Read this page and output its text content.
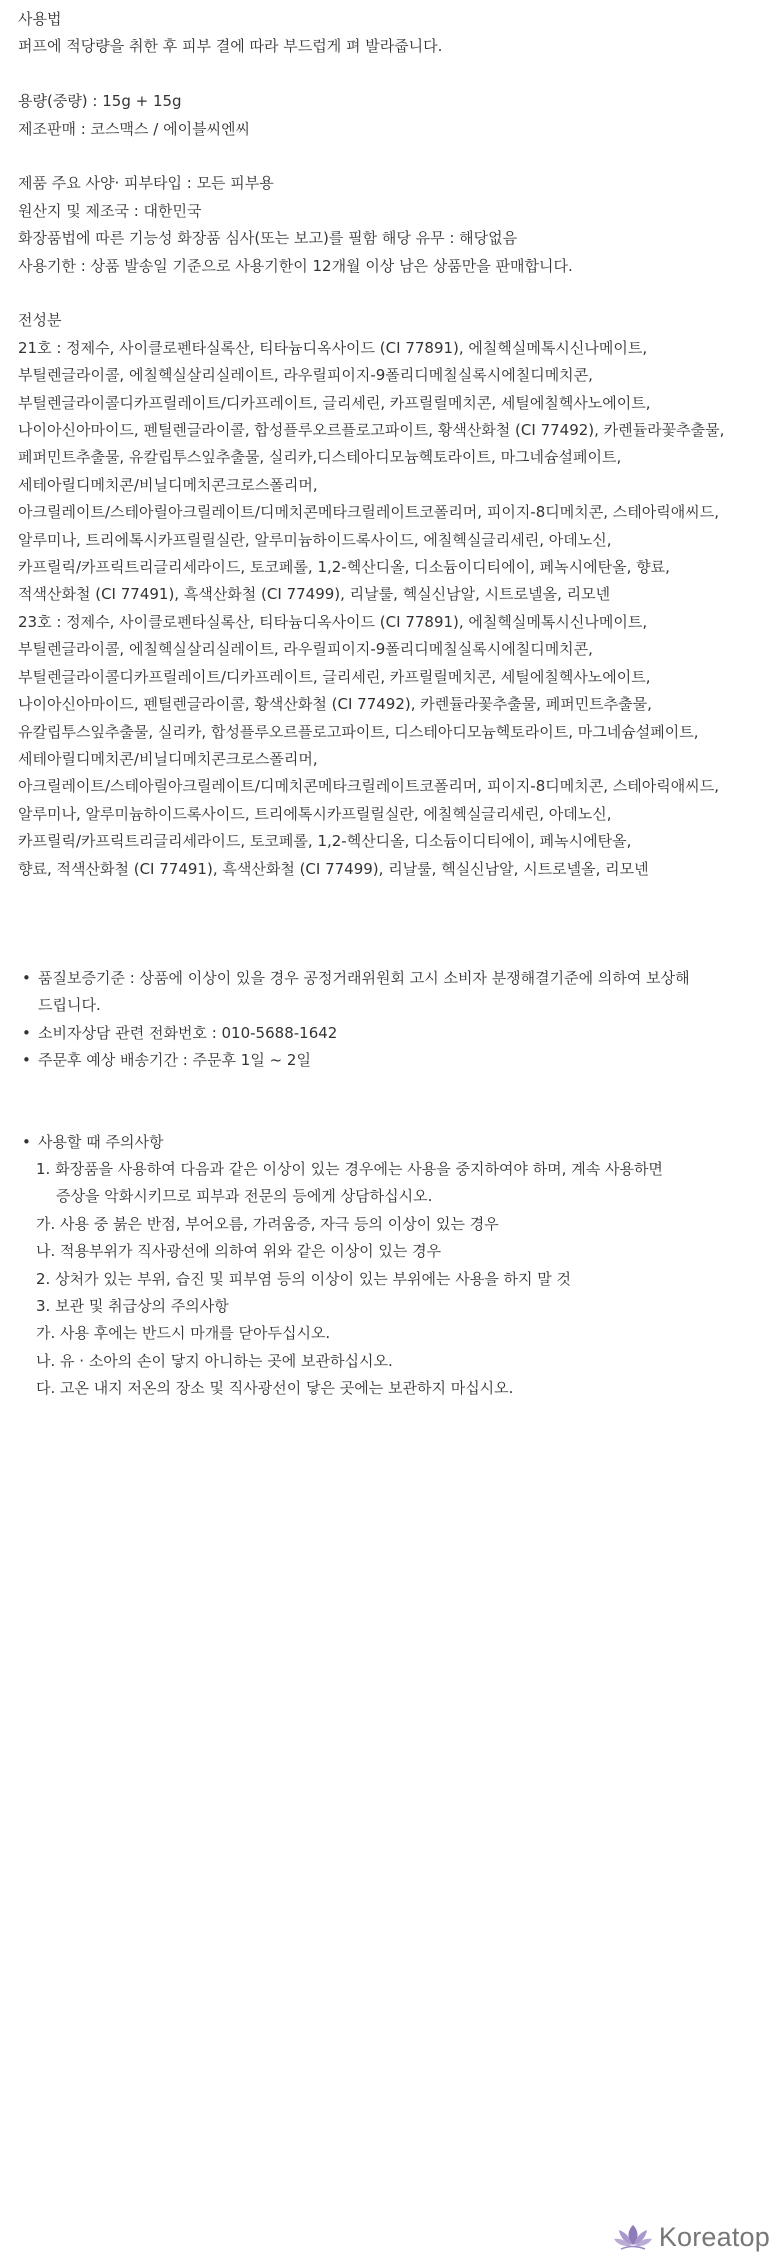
사용법
퍼프에 적당량을 취한 후 피부 결에 따라 부드럽게 펴 발라줍니다.
용량(중량) : 15g + 15g
제조판매 : 코스맥스 / 에이블씨엔씨
제품 주요 사양· 피부타입 : 모든 피부용
원산지 및 제조국 : 대한민국
화장품법에 따른 기능성 화장품 심사(또는 보고)를 필함 해당 유무 : 해당없음
사용기한 : 상품 발송일 기준으로 사용기한이 12개월 이상 남은 상품만을 판매합니다.
전성분
21호 : 정제수, 사이클로펜타실록산, 티타늄디옥사이드 (CI 77891), 에칠헥실메톡시신나메이트,
부틸렌글라이콜, 에칠헥실살리실레이트, 라우릴피이지-9폴리디메칠실록시에칠디메치콘,
부틸렌글라이콜디카프릴레이트/디카프레이트, 글리세린, 카프릴릴메치콘, 세틸에칠헥사노에이트,
나이아신아마이드, 펜틸렌글라이콜, 합성플루오르플로고파이트, 황색산화철 (CI 77492), 카렌듈라꽃추출물,
페퍼민트추출물, 유칼립투스잎추출물, 실리카,디스테아디모늄헥토라이트, 마그네슘설페이트,
세테아릴디메치콘/비닐디메치콘크로스폴리머,
아크릴레이트/스테아릴아크릴레이트/디메치콘메타크릴레이트코폴리머, 피이지-8디메치콘, 스테아릭애씨드,
알루미나, 트리에톡시카프릴릴실란, 알루미늄하이드록사이드, 에칠헥실글리세린, 아데노신,
카프릴릭/카프릭트리글리세라이드, 토코페롤, 1,2-헥산디올, 디소듐이디티에이, 페녹시에탄올, 향료,
적색산화철 (CI 77491), 흑색산화철 (CI 77499), 리날룰, 헥실신남알, 시트로넬올, 리모넨
23호 : 정제수, 사이클로펜타실록산, 티타늄디옥사이드 (CI 77891), 에칠헥실메톡시신나메이트,
부틸렌글라이콜, 에칠헥실살리실레이트, 라우릴피이지-9폴리디메칠실록시에칠디메치콘,
부틸렌글라이콜디카프릴레이트/디카프레이트, 글리세린, 카프릴릴메치콘, 세틸에칠헥사노에이트,
나이아신아마이드, 펜틸렌글라이콜, 황색산화철 (CI 77492), 카렌듈라꽃추출물, 페퍼민트추출물,
유칼립투스잎추출물, 실리카, 합성플루오르플로고파이트, 디스테아디모늄헥토라이트, 마그네슘설페이트,
세테아릴디메치콘/비닐디메치콘크로스폴리머,
아크릴레이트/스테아릴아크릴레이트/디메치콘메타크릴레이트코폴리머, 피이지-8디메치콘, 스테아릭애씨드,
알루미나, 알루미늄하이드록사이드, 트리에톡시카프릴릴실란, 에칠헥실글리세린, 아데노신,
카프릴릭/카프릭트리글리세라이드, 토코페롤, 1,2-헥산디올, 디소듐이디티에이, 페녹시에탄올,
향료, 적색산화철 (CI 77491), 흑색산화철 (CI 77499), 리날룰, 헥실신남알, 시트로넬올, 리모넨
• 품질보증기준 : 상품에 이상이 있을 경우 공정거래위원회 고시 소비자 분쟁해결기준에 의하여 보상해
드립니다.
• 소비자상담 관련 전화번호 : 010-5688-1642
• 주문후 예상 배송기간 : 주문후 1일 ~ 2일
• 사용할 때 주의사항
1. 화장품을 사용하여 다음과 같은 이상이 있는 경우에는 사용을 중지하여야 하며, 계속 사용하면
증상을 악화시키므로 피부과 전문의 등에게 상담하십시오.
가. 사용 중 붉은 반점, 부어오름, 가려움증, 자극 등의 이상이 있는 경우
나. 적용부위가 직사광선에 의하여 위와 같은 이상이 있는 경우
2. 상처가 있는 부위, 습진 및 피부염 등의 이상이 있는 부위에는 사용을 하지 말 것
3. 보관 및 취급상의 주의사항
가. 사용 후에는 반드시 마개를 닫아두십시오.
나. 유 · 소아의 손이 닿지 아니하는 곳에 보관하십시오.
다. 고온 내지 저온의 장소 및 직사광선이 닿은 곳에는 보관하지 마십시오.
Koreatop
